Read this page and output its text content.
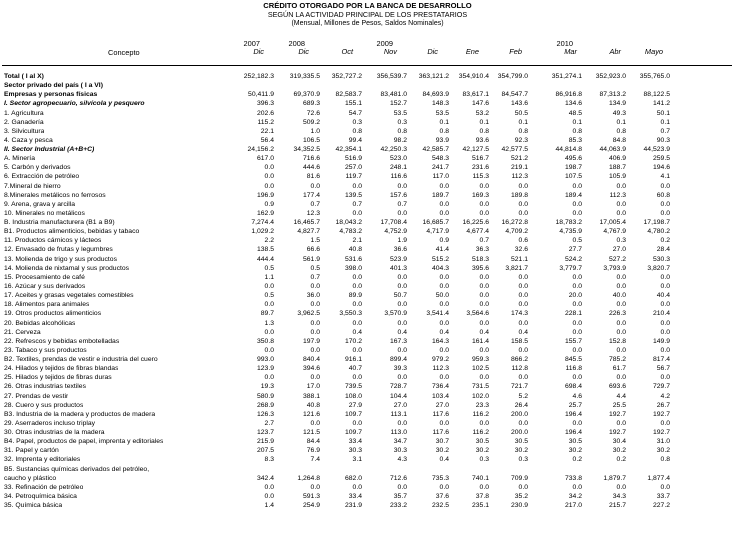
CRÉDITO OTORGADO POR LA BANCA DE DESARROLLO
SEGÚN LA ACTIVIDAD PRINCIPAL DE LOS PRESTATARIOS
(Mensual, Millones de Pesos, Saldos Nominales)
Concepto
2007	2008	2009	2010
Dic	Dic	Oct	Nov	Dic	Ene	Feb	Mar	Abr	Mayo
Total ( I al X)	252,182.3 319,335.5 352,727.2 356,539.7 363,121.2 354,910.4 354,799.0	351,274.1 352,923.0 355,765.0
Sector privado del país ( I a VI)
Empresas y personas físicas	50,411.9	69,370.9 82,583.7	83,481.0 84,693.9 83,617.1 84,547.7	86,916.8	87,313.2	88,122.5
I. Sector agropecuario, silvícola y pesquero	396.3	689.3	155.1	152.7	148.3	147.6	143.6	134.6	134.9	141.2
1. Agricultura	202.6	72.6	54.7	53.5	53.5	53.2	50.5	48.5	49.3	50.1
2. Ganadería	115.2	509.2	0.3	0.3	0.1	0.1	0.1	0.1	0.1	0.1
3. Silvicultura	22.1	1.0	0.8	0.8	0.8	0.8	0.8	0.8	0.8	0.7
4. Caza y pesca	56.4	106.5	99.4	98.2	93.9	93.6	92.3	85.3	84.8	90.3
II. Sector Industrial (A+B+C)	24,156.2	34,352.5 42,354.1	42,250.3 42,585.7 42,127.5 42,577.5	44,814.8	44,063.9	44,523.9
A. Minería	617.0	716.6	516.9	523.0	548.3	516.7	521.2	495.6	406.9	259.5
5. Carbón y derivados	0.0	444.6	257.0	248.1	241.7	231.6	219.1	198.7	188.7	194.6
6. Extracción de petróleo	0.0	81.6	119.7	116.6	117.0	115.3	112.3	107.5	105.9	4.1
7.Mineral de hierro	0.0	0.0	0.0	0.0	0.0	0.0	0.0	0.0	0.0	0.0
8.Minerales metálicos no ferrosos	196.9	177.4	139.5	157.6	189.7	169.3	189.8	189.4	112.3	60.8
9. Arena, grava y arcilla	0.9	0.7	0.7	0.7	0.0	0.0	0.0	0.0	0.0	0.0
10. Minerales no metálicos	162.9	12.3	0.0	0.0	0.0	0.0	0.0	0.0	0.0	0.0
B. Industria manufacturera (B1 a B9)	7,274.4	16,465.7 18,043.2	17,708.4 16,685.7 16,225.6 16,272.8	18,783.2	17,005.4	17,198.7
B1. Productos alimenticios, bebidas y tabaco	1,029.2	4,827.7	4,783.2	4,752.9	4,717.9	4,677.4 4,709.2	4,735.9	4,767.9	4,780.2
11. Productos cárnicos y lácteos	2.2	1.5	2.1	1.9	0.9	0.7	0.6	0.5	0.3	0.2
12. Envasado de frutas y legumbres	138.5	66.6	40.8	36.6	41.4	36.3	32.6	27.7	27.0	28.4
13. Molienda de trigo y sus productos	444.4	561.9	531.6	523.9	515.2	518.3	521.1	524.2	527.2	530.3
14. Molienda de nixtamal y sus productos	0.5	0.5	398.0	401.3	404.3	395.6 3,821.7	3,779.7	3,793.9	3,820.7
15. Procesamiento de café	1.1	0.7	0.0	0.0	0.0	0.0	0.0	0.0	0.0	0.0
16. Azúcar y sus derivados	0.0	0.0	0.0	0.0	0.0	0.0	0.0	0.0	0.0	0.0
17. Aceites y grasas vegetales comestibles	0.5	36.0	89.9	50.7	50.0	0.0	0.0	20.0	40.0	40.4
18. Alimentos para animales	0.0	0.0	0.0	0.0	0.0	0.0	0.0	0.0	0.0	0.0
19. Otros productos alimenticios	89.7	3,962.5	3,550.3	3,570.9	3,541.4	3,564.6	174.3	228.1	226.3	210.4
20. Bebidas alcohólicas	1.3	0.0	0.0	0.0	0.0	0.0	0.0	0.0	0.0	0.0
21. Cerveza	0.0	0.0	0.4	0.4	0.4	0.4	0.4	0.0	0.0	0.0
22. Refrescos y bebidas embotelladas	350.8	197.9	170.2	167.3	164.3	161.4	158.5	155.7	152.8	149.9
23. Tabaco y sus productos	0.0	0.0	0.0	0.0	0.0	0.0	0.0	0.0	0.0	0.0
B2. Textiles, prendas de vestir e industria del cuero	993.0	840.4	916.1	899.4	979.2	959.3	866.2	845.5	785.2	817.4
24. Hilados y tejidos de fibras blandas	123.9	394.6	40.7	39.3	112.3	102.5	112.8	116.8	61.7	56.7
25. Hilados y tejidos de fibras duras	0.0	0.0	0.0	0.0	0.0	0.0	0.0	0.0	0.0	0.0
26. Otras industrias textiles	19.3	17.0	739.5	728.7	736.4	731.5	721.7	698.4	693.6	729.7
27. Prendas de vestir	580.9	388.1	108.0	104.4	103.4	102.0	5.2	4.6	4.4	4.2
28. Cuero y sus productos	268.9	40.8	27.9	27.0	27.0	23.3	26.4	25.7	25.5	26.7
B3. Industria de la madera y productos de madera	126.3	121.6	109.7	113.1	117.6	116.2	200.0	196.4	192.7	192.7
29. Aserraderos incluso triplay	2.7	0.0	0.0	0.0	0.0	0.0	0.0	0.0	0.0	0.0
30. Otras industrias de la madera	123.7	121.5	109.7	113.0	117.6	116.2	200.0	196.4	192.7	192.7
B4. Papel, productos de papel, imprenta y editoriales	215.9	84.4	33.4	34.7	30.7	30.5	30.5	30.5	30.4	31.0
31. Papel y cartón	207.5	76.9	30.3	30.3	30.2	30.2	30.2	30.2	30.2	30.2
32. Imprenta y editoriales	8.3	7.4	3.1	4.3	0.4	0.3	0.3	0.2	0.2	0.8
B5. Sustancias químicas derivados del petróleo,
caucho y plástico	342.4	1,264.8	682.0	712.6	735.3	740.1	709.9	733.8	1,879.7	1,877.4
33. Refinación de petróleo	0.0	0.0	0.0	0.0	0.0	0.0	0.0	0.0	0.0	0.0
34. Petroquímica básica	0.0	591.3	33.4	35.7	37.6	37.8	35.2	34.2	34.3	33.7
35. Química básica	1.4	254.9	231.9	233.2	232.5	235.1	230.9	217.0	215.7	227.2
